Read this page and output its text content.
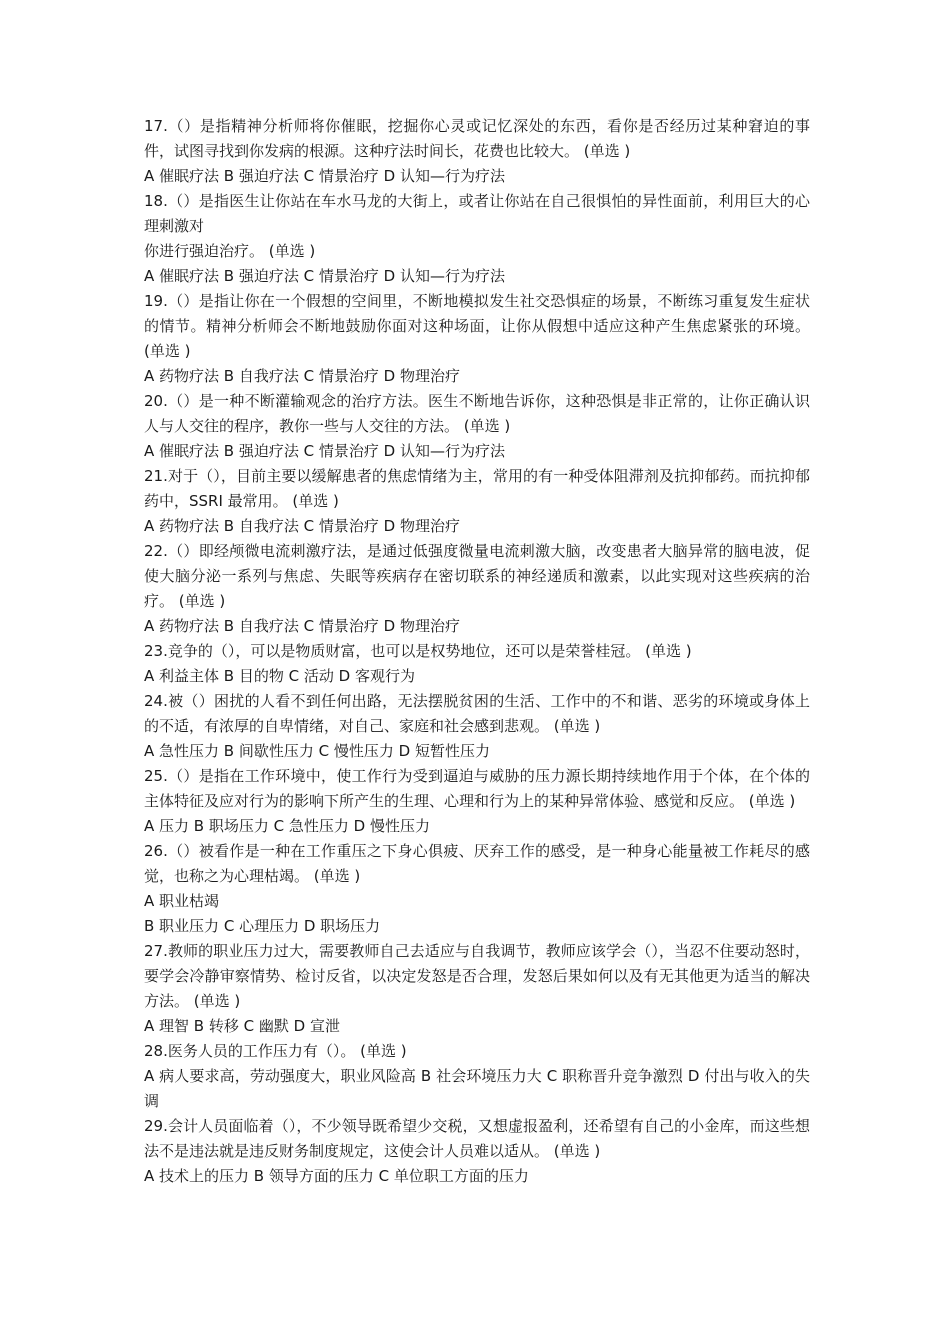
17.（）是指精神分析师将你催眠，挖掘你心灵或记忆深处的东西，看你是否经历过某种窘迫的事件，试图寻找到你发病的根源。这种疗法时间长，花费也比较大。 (单选 )

A 催眠疗法 B 强迫疗法 C 情景治疗 D 认知—行为疗法

18.（）是指医生让你站在车水马龙的大街上，或者让你站在自己很惧怕的异性面前，利用巨大的心理刺激对

你进行强迫治疗。 (单选 )

A 催眠疗法 B 强迫疗法 C 情景治疗 D 认知—行为疗法

19.（）是指让你在一个假想的空间里，不断地模拟发生社交恐惧症的场景，不断练习重复发生症状的情节。精神分析师会不断地鼓励你面对这种场面，让你从假想中适应这种产生焦虑紧张的环境。 (单选 )

A 药物疗法 B 自我疗法 C 情景治疗 D 物理治疗

20.（）是一种不断灌输观念的治疗方法。医生不断地告诉你，这种恐惧是非正常的，让你正确认识人与人交往的程序，教你一些与人交往的方法。 (单选 )

A 催眠疗法 B 强迫疗法 C 情景治疗 D 认知—行为疗法

21.对于（），目前主要以缓解患者的焦虑情绪为主，常用的有一种受体阻滞剂及抗抑郁药。而抗抑郁药中，SSRI 最常用。 (单选 )

A 药物疗法 B 自我疗法 C 情景治疗 D 物理治疗

22.（）即经颅微电流刺激疗法，是通过低强度微量电流刺激大脑，改变患者大脑异常的脑电波，促使大脑分泌一系列与焦虑、失眠等疾病存在密切联系的神经递质和激素，以此实现对这些疾病的治疗。 (单选 )

A 药物疗法 B 自我疗法 C 情景治疗 D 物理治疗

23.竞争的（），可以是物质财富，也可以是权势地位，还可以是荣誉桂冠。 (单选 )

A 利益主体 B 目的物 C 活动 D 客观行为

24.被（）困扰的人看不到任何出路，无法摆脱贫困的生活、工作中的不和谐、恶劣的环境或身体上的不适，有浓厚的自卑情绪，对自己、家庭和社会感到悲观。 (单选 )

A 急性压力 B 间歇性压力 C 慢性压力 D 短暂性压力

25.（）是指在工作环境中，使工作行为受到逼迫与威胁的压力源长期持续地作用于个体，在个体的主体特征及应对行为的影响下所产生的生理、心理和行为上的某种异常体验、感觉和反应。 (单选 )

A 压力 B 职场压力 C 急性压力 D 慢性压力

26.（）被看作是一种在工作重压之下身心俱疲、厌弃工作的感受，是一种身心能量被工作耗尽的感觉，也称之为心理枯竭。 (单选 )

A 职业枯竭

B 职业压力 C 心理压力 D 职场压力

27.教师的职业压力过大，需要教师自己去适应与自我调节，教师应该学会（），当忍不住要动怒时，要学会冷静审察情势、检讨反省，以决定发怒是否合理，发怒后果如何以及有无其他更为适当的解决方法。 (单选 )

A 理智 B 转移 C 幽默 D 宣泄

28.医务人员的工作压力有（）。 (单选 )

A 病人要求高，劳动强度大，职业风险高 B 社会环境压力大 C 职称晋升竞争激烈 D 付出与收入的失调

29.会计人员面临着（），不少领导既希望少交税，又想虚报盈利，还希望有自己的小金库，而这些想法不是违法就是违反财务制度规定，这使会计人员难以适从。 (单选 )

A 技术上的压力 B 领导方面的压力 C 单位职工方面的压力
